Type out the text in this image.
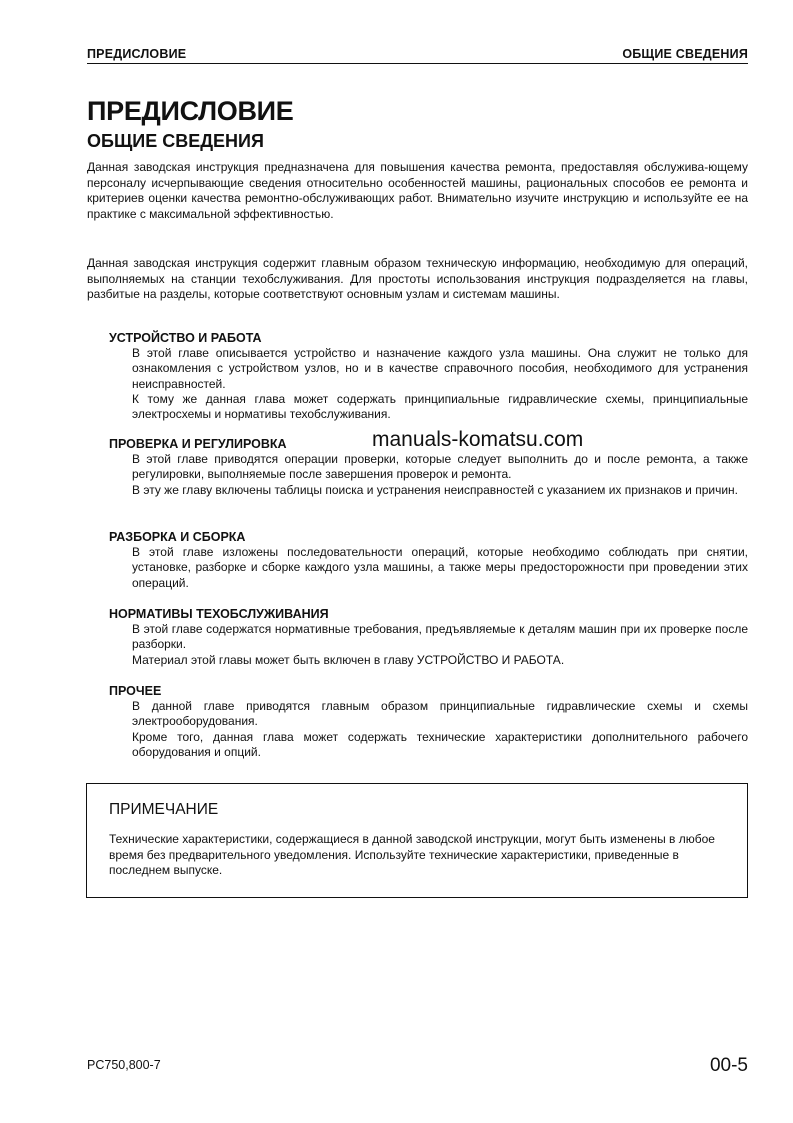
ПРЕДИСЛОВИЕ	ОБЩИЕ СВЕДЕНИЯ
ПРЕДИСЛОВИЕ
ОБЩИЕ СВЕДЕНИЯ

Данная заводская инструкция предназначена для повышения качества ремонта, предоставляя обслужива-ющему персоналу исчерпывающие сведения относительно особенностей машины, рациональных способов ее ремонта и критериев оценки качества ремонтно-обслуживающих работ. Внимательно изучите инструкцию и используйте ее на практике с максимальной эффективностью.

Данная заводская инструкция содержит главным образом техническую информацию, необходимую для операций, выполняемых на станции техобслуживания. Для простоты использования инструкция подразделяется на главы, разбитые на разделы, которые соответствуют основным узлам и системам машины.

УСТРОЙСТВО И РАБОТА

В этой главе описывается устройство и назначение каждого узла машины. Она служит не только для ознакомления с устройством узлов, но и в качестве справочного пособия, необходимого для устранения неисправностей.

К тому же данная глава может содержать принципиальные гидравлические схемы, принципиальные электросхемы и нормативы техобслуживания.

ПРОВЕРКА И РЕГУЛИРОВКА

В этой главе приводятся операции проверки, которые следует выполнить до и после ремонта, а также регулировки, выполняемые после завершения проверок и ремонта.

В эту же главу включены таблицы поиска и устранения неисправностей с указанием их признаков и причин.

manuals-komatsu.com
РАЗБОРКА И СБОРКА

В этой главе изложены последовательности операций, которые необходимо соблюдать при снятии, установке, разборке и сборке каждого узла машины, а также меры предосторожности при проведении этих операций.

НОРМАТИВЫ ТЕХОБСЛУЖИВАНИЯ

В этой главе содержатся нормативные требования, предъявляемые к деталям машин при их проверке после разборки.

Материал этой главы может быть включен в главу УСТРОЙСТВО И РАБОТА.

ПРОЧЕЕ

В данной главе приводятся главным образом принципиальные гидравлические схемы и схемы электрооборудования.

Кроме того, данная глава может содержать технические характеристики дополнительного рабочего оборудования и опций.

ПРИМЕЧАНИЕ

Технические характеристики, содержащиеся в данной заводской инструкции, могут быть изменены в любое время без предварительного уведомления. Используйте технические характеристики, приведенные в последнем выпуске.

PC750,800-7	00-5
